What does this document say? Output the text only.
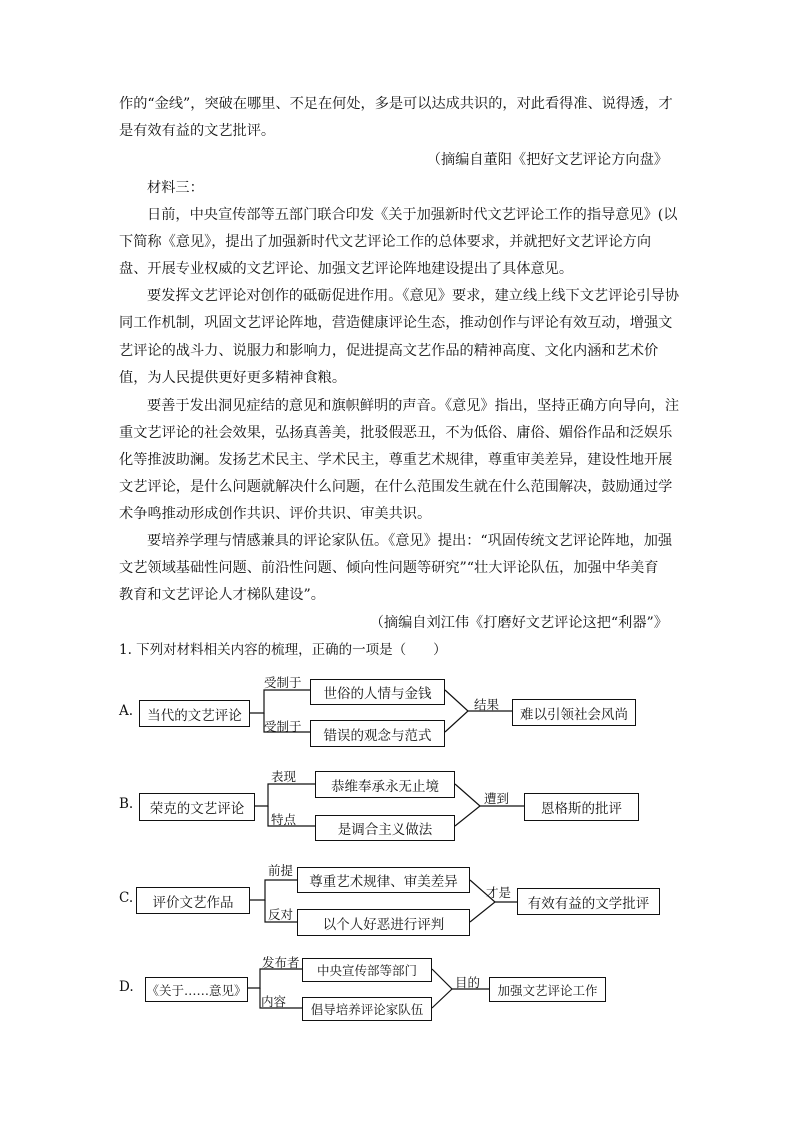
作的“金线”，突破在哪里、不足在何处，多是可以达成共识的，对此看得准、说得透，才
是有效有益的文艺批评。
（摘编自董阳《把好文艺评论方向盘》
材料三：
日前，中央宣传部等五部门联合印发《关于加强新时代文艺评论工作的指导意见》(以
下简称《意见》，提出了加强新时代文艺评论工作的总体要求，并就把好文艺评论方向
盘、开展专业权威的文艺评论、加强文艺评论阵地建设提出了具体意见。
要发挥文艺评论对创作的砥砺促进作用。《意见》要求，建立线上线下文艺评论引导协
同工作机制，巩固文艺评论阵地，营造健康评论生态，推动创作与评论有效互动，增强文
艺评论的战斗力、说服力和影响力，促进提高文艺作品的精神高度、文化内涵和艺术价
值，为人民提供更好更多精神食粮。
要善于发出洞见症结的意见和旗帜鲜明的声音。《意见》指出，坚持正确方向导向，注
重文艺评论的社会效果，弘扬真善美，批驳假恶丑，不为低俗、庸俗、媚俗作品和泛娱乐
化等推波助澜。发扬艺术民主、学术民主，尊重艺术规律，尊重审美差异，建设性地开展
文艺评论，是什么问题就解决什么问题，在什么范围发生就在什么范围解决，鼓励通过学
术争鸣推动形成创作共识、评价共识、审美共识。
要培养学理与情感兼具的评论家队伍。《意见》提出：“巩固传统文艺评论阵地，加强
文艺领域基础性问题、前沿性问题、倾向性问题等研究”“壮大评论队伍，加强中华美育
教育和文艺评论人才梯队建设”。
（摘编自刘江伟《打磨好文艺评论这把“利器”》
1. 下列对材料相关内容的梳理，正确的一项是（　　）
A.	当代的文艺评论
受制于
受制于
世俗的人情与金钱
错误的观念与范式
结果
难以引领社会风尚
B.	荣克的文艺评论
表现
特点
恭维奉承永无止境
是调合主义做法
遭到
恩格斯的批评
C.	评价文艺作品
前提
反对
尊重艺术规律、审美差异
以个人好恶进行评判
才是
有效有益的文学批评
D. 《关于……意见》
发布者
内容
中央宣传部等部门
倡导培养评论家队伍
目的	加强文艺评论工作
